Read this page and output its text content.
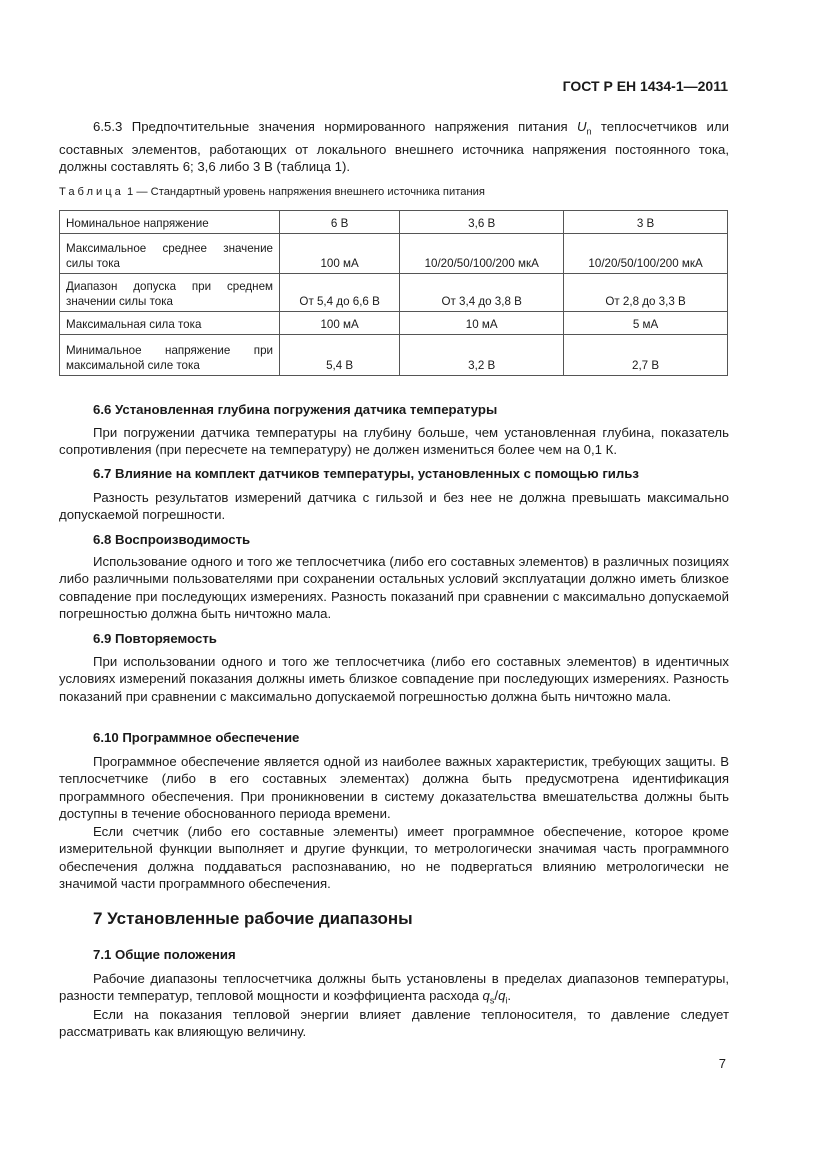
ГОСТ Р ЕН 1434-1—2011

6.5.3 Предпочтительные значения нормированного напряжения питания $U_n$ теплосчетчиков или составных элементов, работающих от локального внешнего источника напряжения постоянного тока, должны составлять 6; 3,6 либо 3 В (таблица 1).

Таблица 1 — Стандартный уровень напряжения внешнего источника питания
Номинальное напряжение	6 В	3,6 В	3 В
Максимальное среднее значение силы тока	100 мА	10/20/50/100/200 мкА	10/20/50/100/200 мкА
Диапазон допуска при среднем значении силы тока	От 5,4 до 6,6 В	От 3,4 до 3,8 В	От 2,8 до 3,3 В
Максимальная сила тока	100 мА	10 мА	5 мА
Минимальное напряжение при максимальной силе тока	5,4 В	3,2 В	2,7 В
6.6 Установленная глубина погружения датчика температуры

При погружении датчика температуры на глубину больше, чем установленная глубина, показатель сопротивления (при пересчете на температуру) не должен измениться более чем на 0,1 К.

6.7 Влияние на комплект датчиков температуры, установленных с помощью гильз

Разность результатов измерений датчика с гильзой и без нее не должна превышать максимально допускаемой погрешности.

6.8 Воспроизводимость

Использование одного и того же теплосчетчика (либо его составных элементов) в различных позициях либо различными пользователями при сохранении остальных условий эксплуатации должно иметь близкое совпадение при последующих измерениях. Разность показаний при сравнении с максимально допускаемой погрешностью должна быть ничтожно мала.

6.9 Повторяемость

При использовании одного и того же теплосчетчика (либо его составных элементов) в идентичных условиях измерений показания должны иметь близкое совпадение при последующих измерениях. Разность показаний при сравнении с максимально допускаемой погрешностью должна быть ничтожно мала.

6.10 Программное обеспечение

Программное обеспечение является одной из наиболее важных характеристик, требующих защиты. В теплосчетчике (либо в его составных элементах) должна быть предусмотрена идентификация программного обеспечения. При проникновении в систему доказательства вмешательства должны быть доступны в течение обоснованного периода времени.

Если счетчик (либо его составные элементы) имеет программное обеспечение, которое кроме измерительной функции выполняет и другие функции, то метрологически значимая часть программного обеспечения должна поддаваться распознаванию, но не подвергаться влиянию метрологически не значимой части программного обеспечения.

7 Установленные рабочие диапазоны
7.1 Общие положения

Рабочие диапазоны теплосчетчика должны быть установлены в пределах диапазонов температуры, разности температур, тепловой мощности и коэффициента расхода $q_s/q_i$.

Если на показания тепловой энергии влияет давление теплоносителя, то давление следует рассматривать как влияющую величину.

7
